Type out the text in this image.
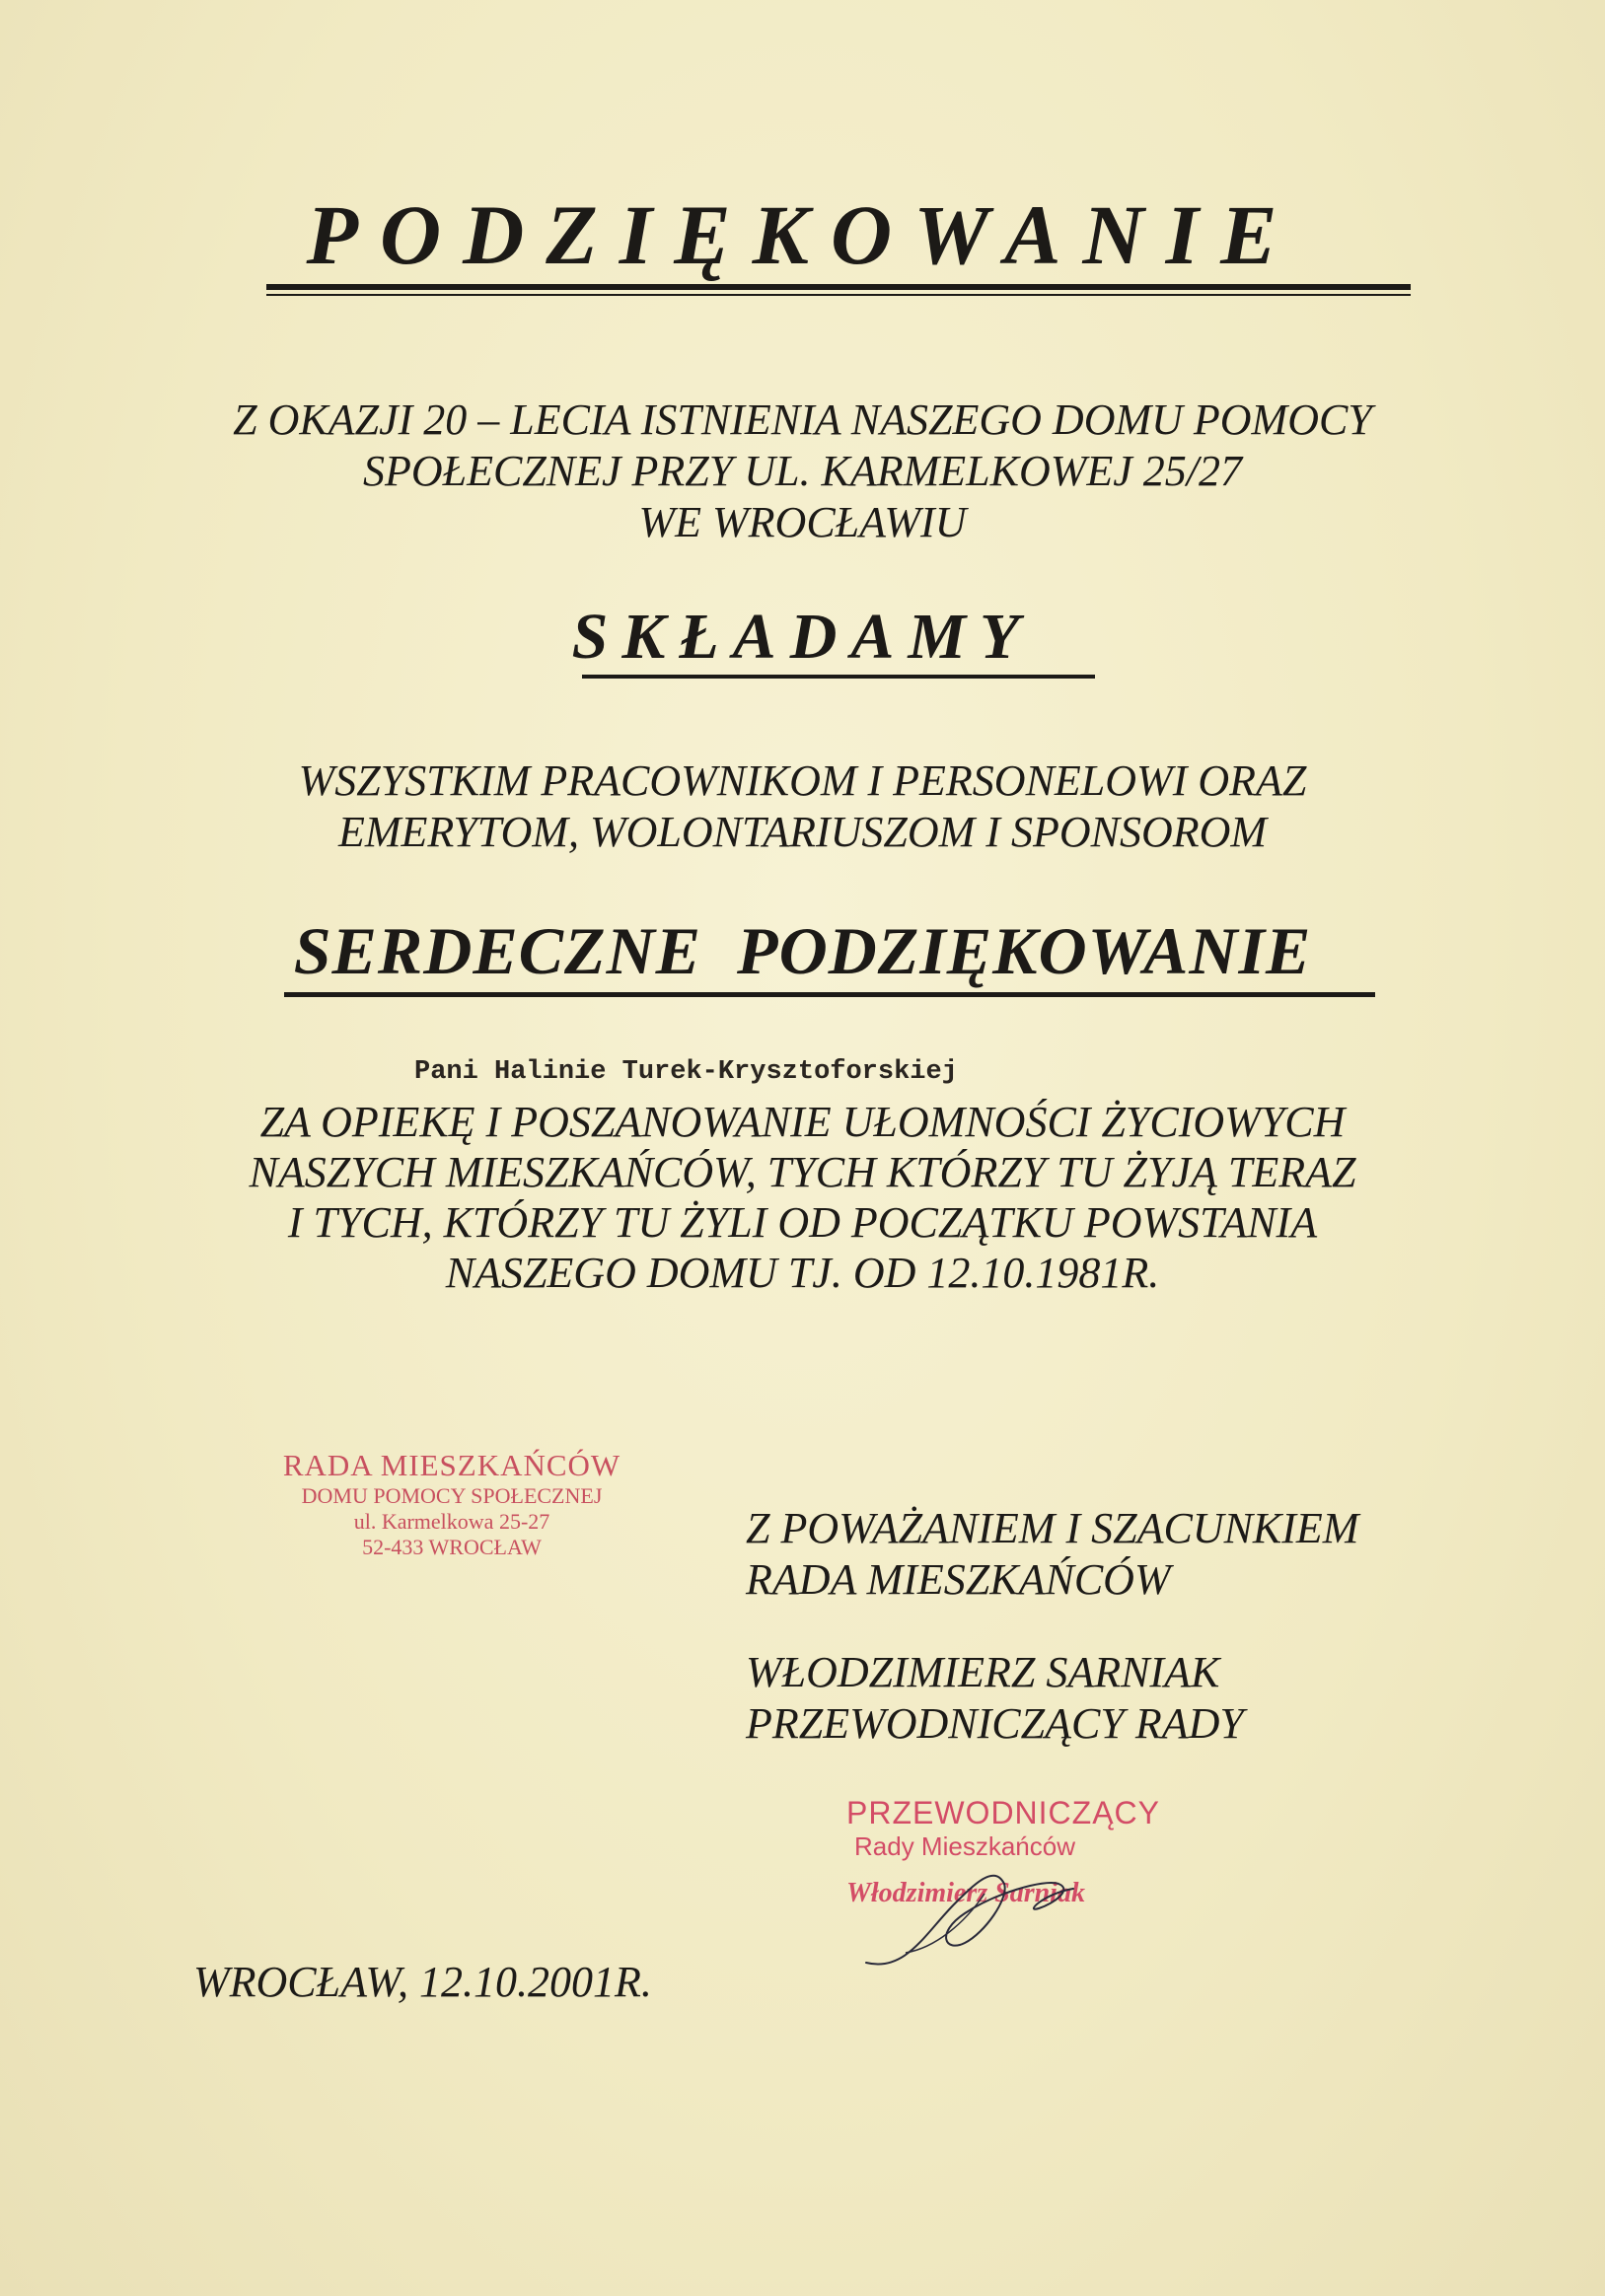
PODZIĘKOWANIE
Z OKAZJI 20 – LECIA ISTNIENIA NASZEGO DOMU POMOCY
SPOŁECZNEJ PRZY UL. KARMELKOWEJ 25/27
WE WROCŁAWIU
SKŁADAMY
WSZYSTKIM PRACOWNIKOM I PERSONELOWI ORAZ
EMERYTOM, WOLONTARIUSZOM I SPONSOROM
SERDECZNE  PODZIĘKOWANIE
Pani Halinie Turek-Krysztoforskiej
ZA OPIEKĘ I POSZANOWANIE UŁOMNOŚCI ŻYCIOWYCH
NASZYCH MIESZKAŃCÓW, TYCH KTÓRZY TU ŻYJĄ TERAZ
I TYCH, KTÓRZY TU ŻYLI OD POCZĄTKU POWSTANIA
NASZEGO DOMU TJ. OD 12.10.1981R.
RADA MIESZKAŃCÓW
DOMU POMOCY SPOŁECZNEJ
ul. Karmelkowa 25-27
52-433 WROCŁAW	Z POWAŻANIEM I SZACUNKIEM
RADA MIESZKAŃCÓW
WŁODZIMIERZ SARNIAK
PRZEWODNICZĄCY RADY
PRZEWODNICZĄCY
Rady Mieszkańców
Włodzimierz Sarniak
WROCŁAW, 12.10.2001R.
